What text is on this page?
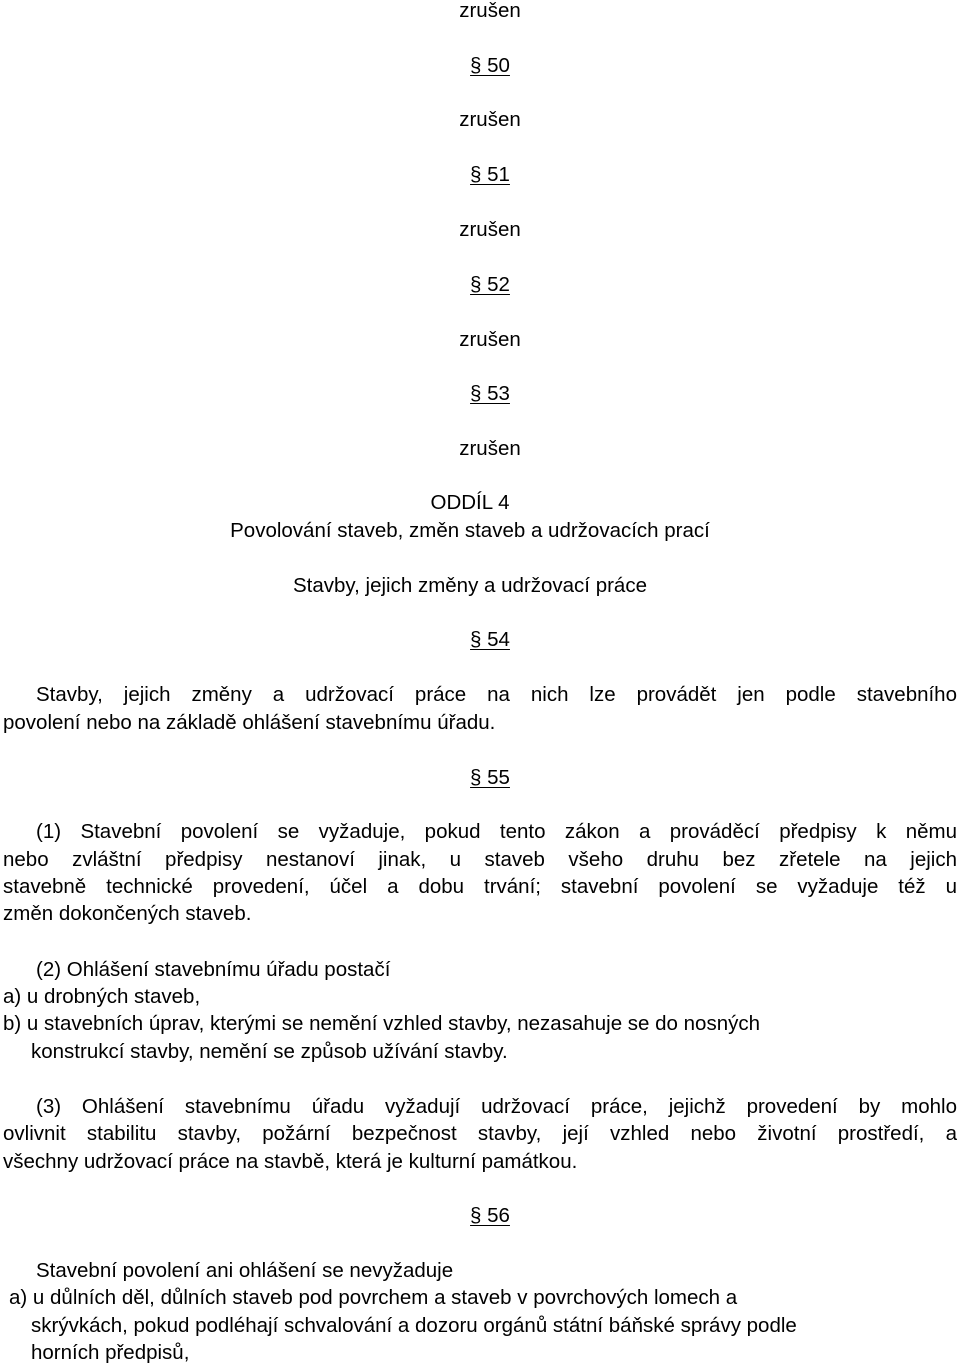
zrušen
§ 50
zrušen
§ 51
zrušen
§ 52
zrušen
§ 53
zrušen
ODDÍL 4
Povolování staveb, změn staveb a udržovacích prací
Stavby, jejich změny a udržovací práce
§ 54
Stavby, jejich změny a udržovací práce na nich lze provádět jen podle stavebního
povolení nebo na základě ohlášení stavebnímu úřadu.
§ 55
(1) Stavební povolení se vyžaduje, pokud tento zákon a prováděcí předpisy k němu
nebo zvláštní předpisy nestanoví jinak, u staveb všeho druhu bez zřetele na jejich
stavebně technické provedení, účel a dobu trvání; stavební povolení se vyžaduje též u
změn dokončených staveb.
(2) Ohlášení stavebnímu úřadu postačí
a) u drobných staveb,
b) u stavebních úprav, kterými se nemění vzhled stavby, nezasahuje se do nosných
konstrukcí stavby, nemění se způsob užívání stavby.
(3) Ohlášení stavebnímu úřadu vyžadují udržovací práce, jejichž provedení by mohlo
ovlivnit stabilitu stavby, požární bezpečnost stavby, její vzhled nebo životní prostředí, a
všechny udržovací práce na stavbě, která je kulturní památkou.
§ 56
Stavební povolení ani ohlášení se nevyžaduje
a) u důlních děl, důlních staveb pod povrchem a staveb v povrchových lomech a
skrývkách, pokud podléhají schvalování a dozoru orgánů státní báňské správy podle
horních předpisů,
